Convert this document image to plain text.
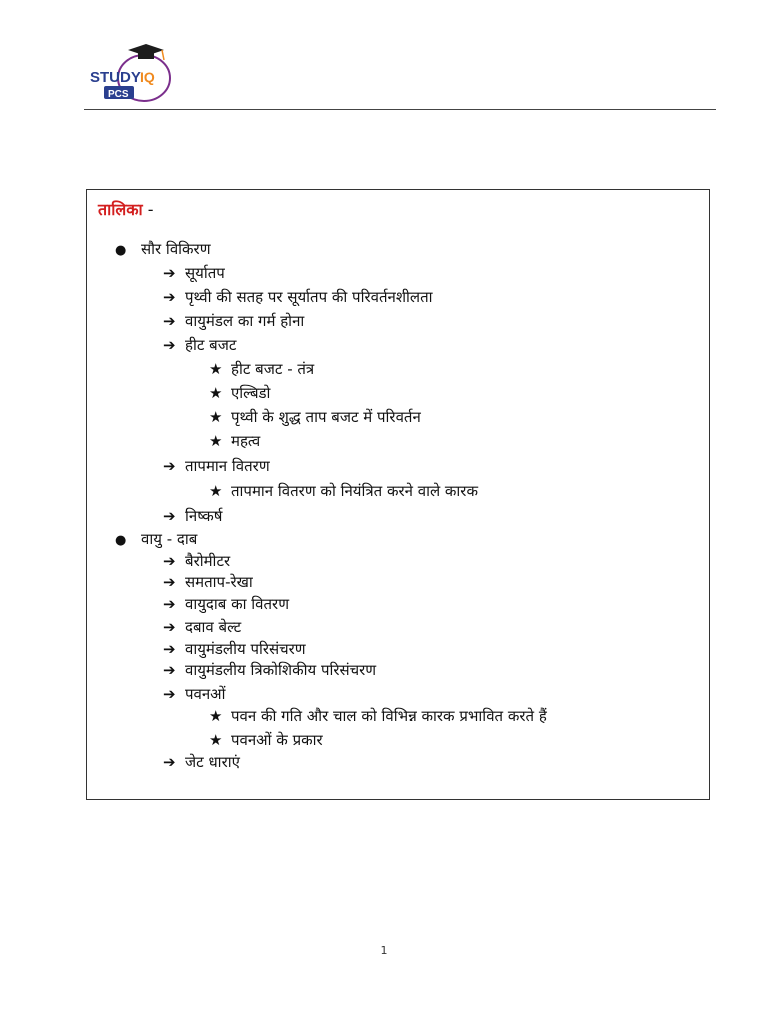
STUDY IQ
PCS
तालिका -
● सौर विकिरण
➔ सूर्यातप
➔ पृथ्वी की सतह पर सूर्यातप की परिवर्तनशीलता
➔ वायुमंडल का गर्म होना
➔ हीट बजट
★ हीट बजट - तंत्र
★ एल्बिडो
★ पृथ्वी के शुद्ध ताप बजट में परिवर्तन
★ महत्व
➔ तापमान वितरण
★ तापमान वितरण को नियंत्रित करने वाले कारक
➔ निष्कर्ष
● वायु - दाब
➔ बैरोमीटर
➔ समताप-रेखा
➔ वायुदाब का वितरण
➔ दबाव बेल्ट
➔ वायुमंडलीय परिसंचरण
➔ वायुमंडलीय त्रिकोशिकीय परिसंचरण
➔ पवनओं
★ पवन की गति और चाल को विभिन्न कारक प्रभावित करते हैं
★ पवनओं के प्रकार
➔ जेट धाराएं
1
